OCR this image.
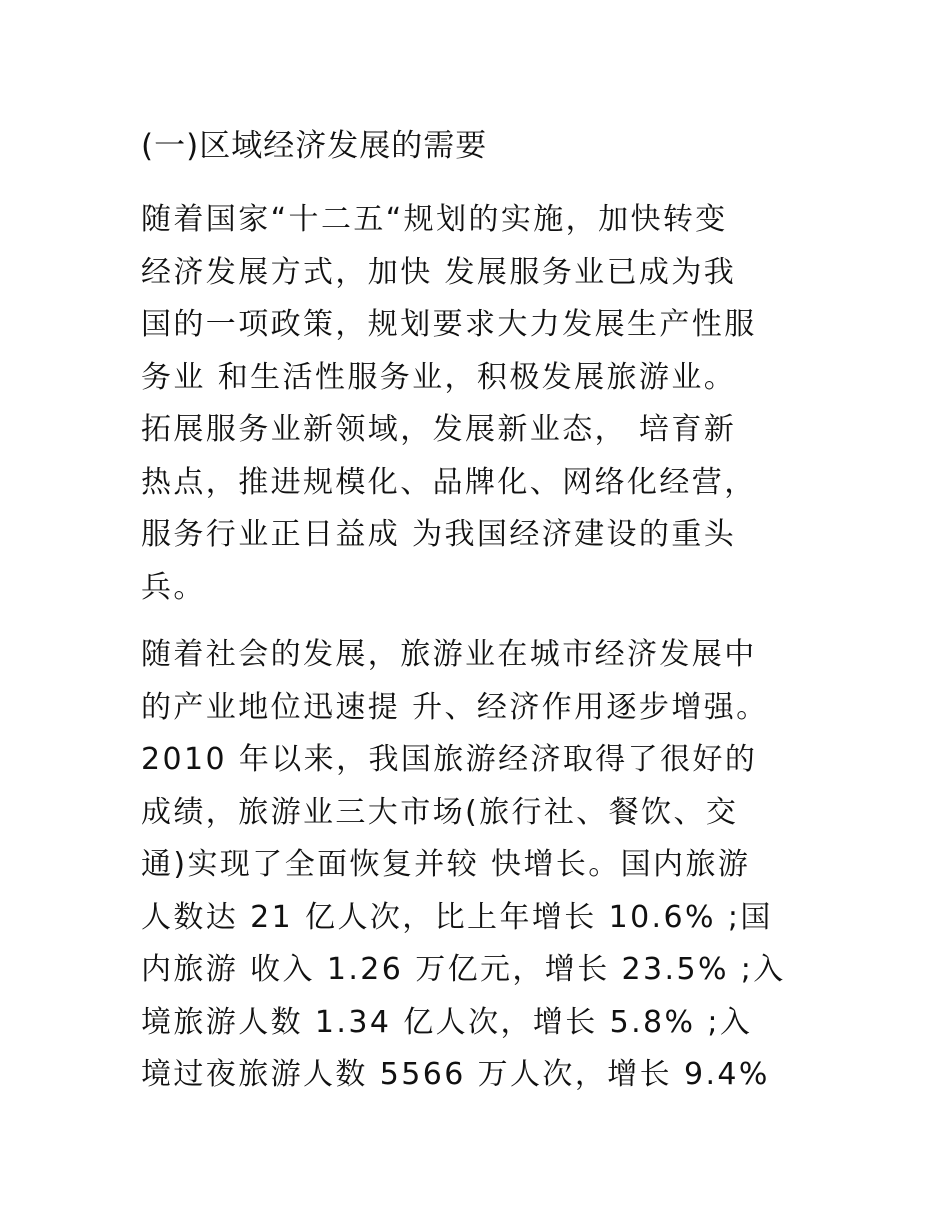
(一)区域经济发展的需要

随着国家“十二五“规划的实施，加快转变
经济发展方式，加快 发展服务业已成为我
国的一项政策，规划要求大力发展生产性服
务业 和生活性服务业，积极发展旅游业。
拓展服务业新领域，发展新业态， 培育新
热点，推进规模化、品牌化、网络化经营，
服务行业正日益成 为我国经济建设的重头
兵。

随着社会的发展，旅游业在城市经济发展中
的产业地位迅速提 升、经济作用逐步增强。
2010 年以来，我国旅游经济取得了很好的
成绩，旅游业三大市场(旅行社、餐饮、交
通)实现了全面恢复并较 快增长。国内旅游
人数达 21 亿人次，比上年增长 10.6% ;国
内旅游 收入 1.26 万亿元，增长 23.5% ;入
境旅游人数 1.34 亿人次，增长 5.8% ;入
境过夜旅游人数 5566 万人次，增长 9.4%
